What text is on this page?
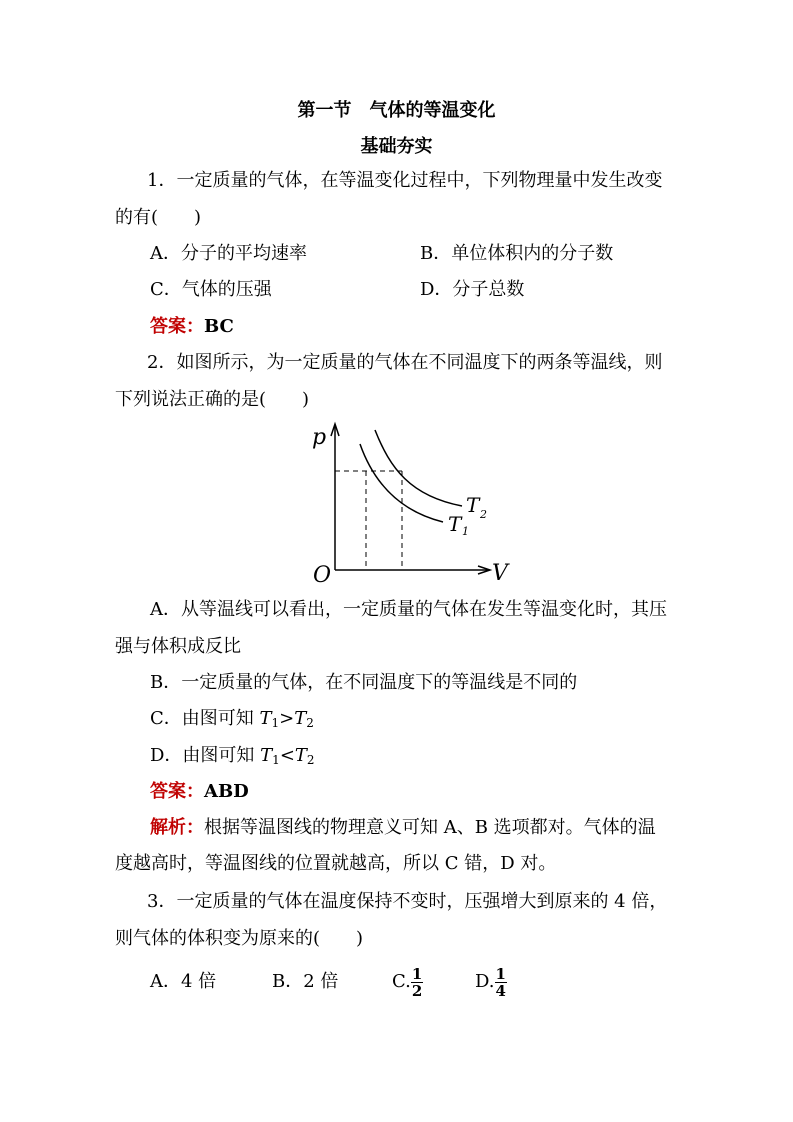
第一节　气体的等温变化
基础夯实
1．一定质量的气体，在等温变化过程中，下列物理量中发生改变
的有(　　)
A．分子的平均速率	B．单位体积内的分子数
C．气体的压强	D．分子总数
答案：BC
2．如图所示，为一定质量的气体在不同温度下的两条等温线，则
下列说法正确的是(　　)
p
V
O
T 2
T 1
A．从等温线可以看出，一定质量的气体在发生等温变化时，其压
强与体积成反比
B．一定质量的气体，在不同温度下的等温线是不同的
C．由图可知 $T_1>T_2$
D．由图可知 $T_1<T_2$
答案：ABD
解析：根据等温图线的物理意义可知 A、B 选项都对。气体的温
度越高时，等温图线的位置就越高，所以 C 错，D 对。
3．一定质量的气体在温度保持不变时，压强增大到原来的 4 倍，
则气体的体积变为原来的(　　)
A．4 倍	B．2 倍	C. $\frac{1}{2}$	D. $\frac{1}{4}$
